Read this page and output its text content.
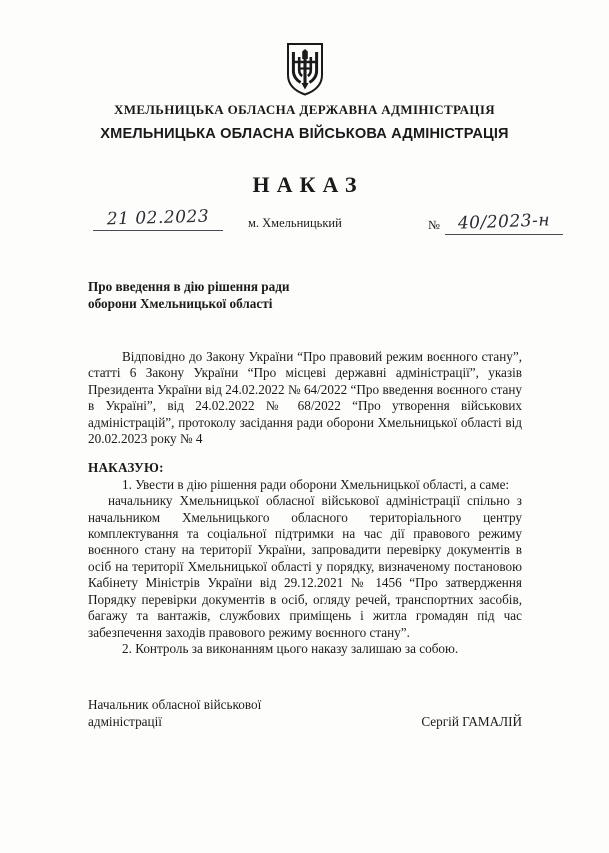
ХМЕЛЬНИЦЬКА ОБЛАСНА ДЕРЖАВНА АДМІНІСТРАЦІЯ
ХМЕЛЬНИЦЬКА ОБЛАСНА ВІЙСЬКОВА АДМІНІСТРАЦІЯ
НАКАЗ
21 02.2023	м. Хмельницький	№	40/2023-н
Про введення в дію рішення ради
оборони Хмельницької області

Відповідно до Закону України “Про правовий режим воєнного стану”, статті 6 Закону України “Про місцеві державні адміністрації”, указів Президента України від 24.02.2022 № 64/2022 “Про введення воєнного стану в Україні”, від 24.02.2022 № 68/2022 “Про утворення військових адміністрацій”, протоколу засідання ради оборони Хмельницької області від 20.02.2023 року № 4

НАКАЗУЮ:

1. Увести в дію рішення ради оборони Хмельницької області, а саме:

начальнику Хмельницької обласної військової адміністрації спільно з начальником Хмельницького обласного територіального центру комплектування та соціальної підтримки на час дії правового режиму воєнного стану на території України, запровадити перевірку документів в осіб на території Хмельницької області у порядку, визначеному постановою Кабінету Міністрів України від 29.12.2021 № 1456 “Про затвердження Порядку перевірки документів в осіб, огляду речей, транспортних засобів, багажу та вантажів, службових приміщень і житла громадян під час забезпечення заходів правового режиму воєнного стану”.

2. Контроль за виконанням цього наказу залишаю за собою.

Начальник обласної військової
адміністрації	Сергій ГАМАЛІЙ
